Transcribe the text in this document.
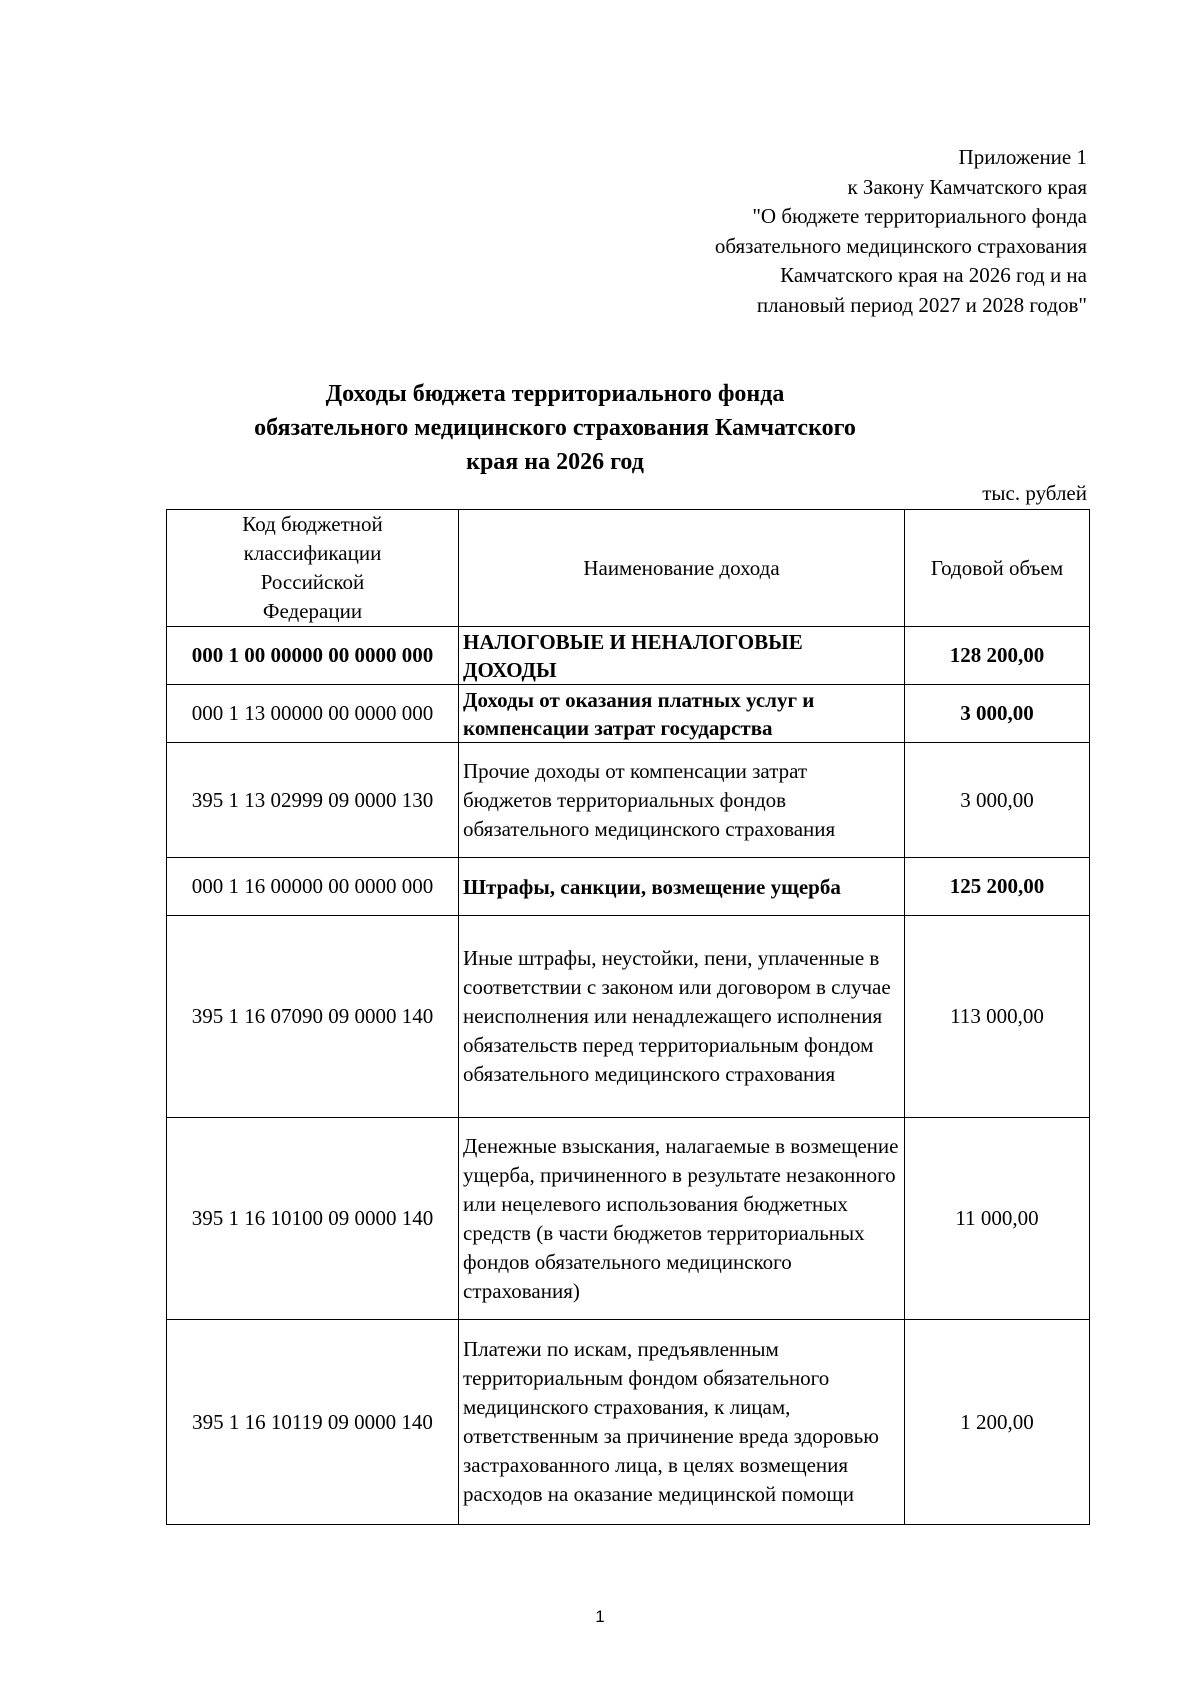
Приложение 1
к Закону Камчатского края
"О бюджете территориального фонда
обязательного медицинского страхования
Камчатского края на 2026 год и на
плановый период 2027 и 2028 годов"
Доходы бюджета территориального фонда обязательного медицинского страхования Камчатского края на 2026 год
тыс. рублей
Код бюджетной классификации Российской Федерации	Наименование дохода	Годовой объем
000 1 00 00000 00 0000 000	НАЛОГОВЫЕ И НЕНАЛОГОВЫЕ ДОХОДЫ	128 200,00
000 1 13 00000 00 0000 000	Доходы от оказания платных услуг и компенсации затрат государства	3 000,00
395 1 13 02999 09 0000 130	Прочие доходы от компенсации затрат бюджетов территориальных фондов обязательного медицинского страхования	3 000,00
000 1 16 00000 00 0000 000	Штрафы, санкции, возмещение ущерба	125 200,00
395 1 16 07090 09 0000 140	Иные штрафы, неустойки, пени, уплаченные в соответствии с законом или договором в случае неисполнения или ненадлежащего исполнения обязательств перед территориальным фондом обязательного медицинского страхования	113 000,00
395 1 16 10100 09 0000 140	Денежные взыскания, налагаемые в возмещение ущерба, причиненного в результате незаконного или нецелевого использования бюджетных средств (в части бюджетов территориальных фондов обязательного медицинского страхования)	11 000,00
395 1 16 10119 09 0000 140	Платежи по искам, предъявленным территориальным фондом обязательного медицинского страхования, к лицам, ответственным за причинение вреда здоровью застрахованного лица, в целях возмещения расходов на оказание медицинской помощи	1 200,00
1
